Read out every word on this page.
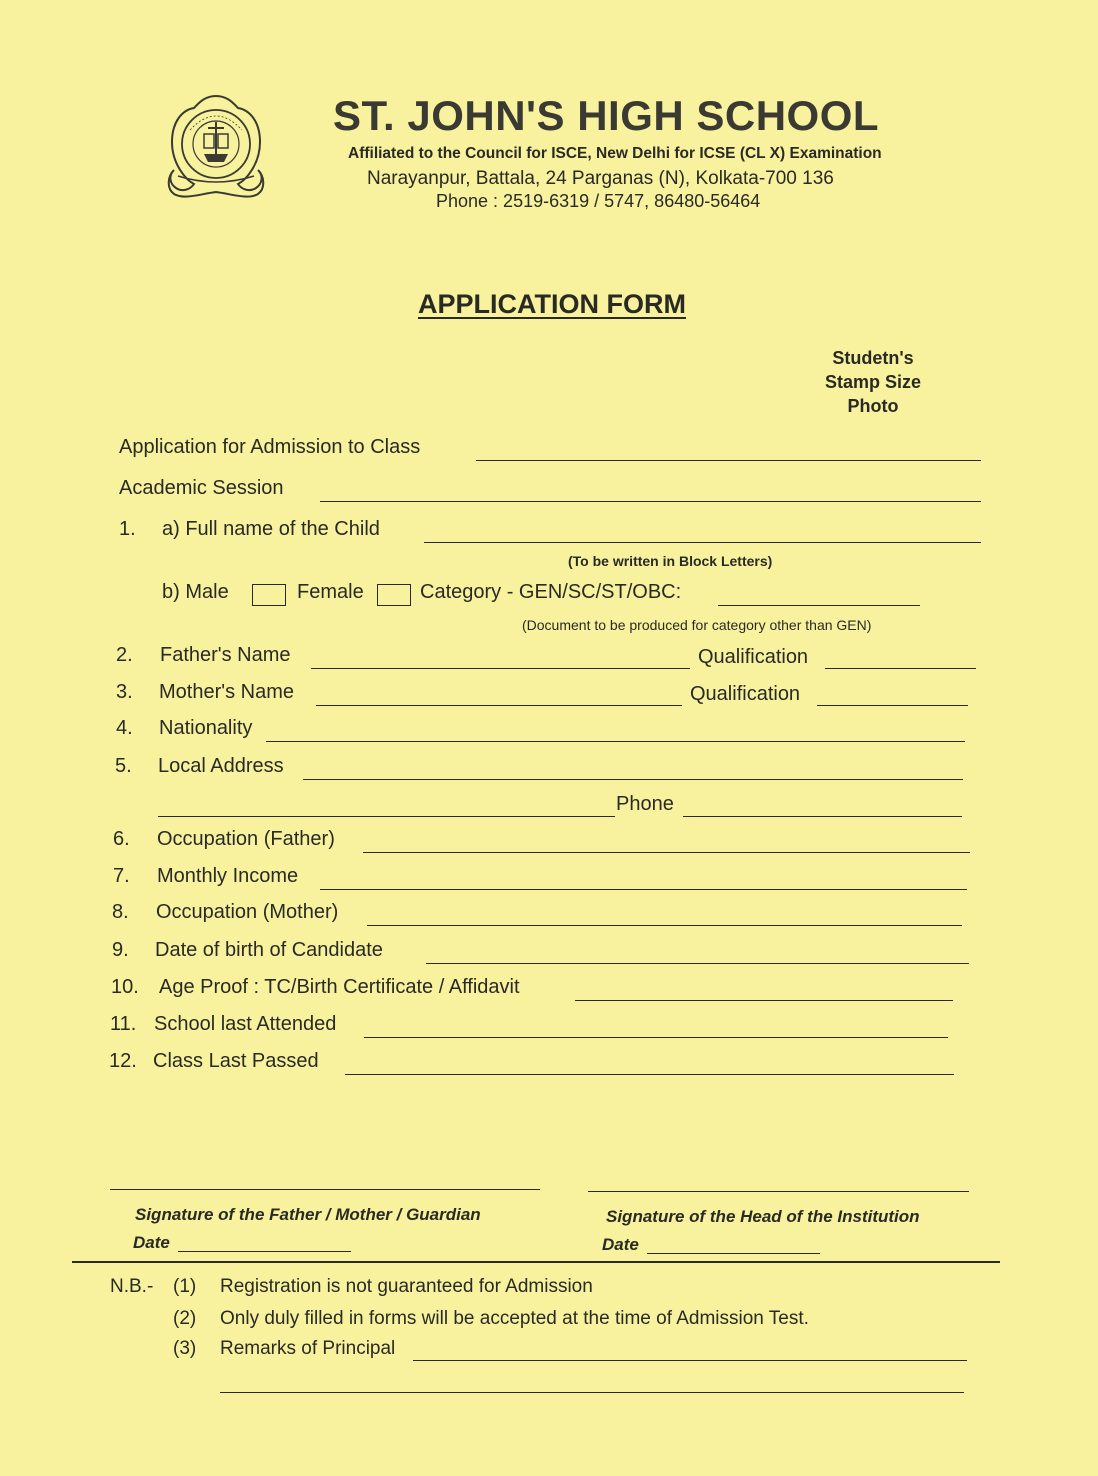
ST. JOHN'S HIGH SCHOOL
Affiliated to the Council for ISCE, New Delhi for ICSE (CL X) Examination
Narayanpur, Battala, 24 Parganas (N), Kolkata-700 136
Phone : 2519-6319 / 5747, 86480-56464
APPLICATION FORM
Studetn's Stamp Size Photo
Application for Admission to Class
Academic Session
1. a) Full name of the Child
(To be written in Block Letters)
b) Male	Female	Category - GEN/SC/ST/OBC:
(Document to be produced for category other than GEN)
2. Father's Name	Qualification
3. Mother's Name	Qualification
4. Nationality
5. Local Address
Phone
6. Occupation (Father)
7. Monthly Income
8. Occupation (Mother)
9. Date of birth of Candidate
10. Age Proof : TC/Birth Certificate / Affidavit
11. School last Attended
12. Class Last Passed
Signature of the Father / Mother / Guardian	Signature of the Head of the Institution
Date	Date
N.B.- (1) Registration is not guaranteed for Admission
(2) Only duly filled in forms will be accepted at the time of Admission Test.
(3) Remarks of Principal
